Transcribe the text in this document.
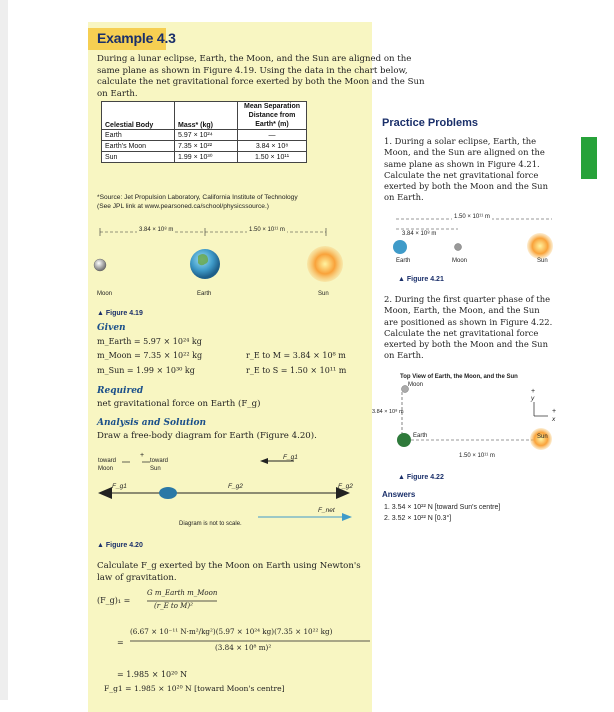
Example 4.3
During a lunar eclipse, Earth, the Moon, and the Sun are aligned on the same plane as shown in Figure 4.19. Using the data in the chart below, calculate the net gravitational force exerted by both the Moon and the Sun on Earth.
Celestial Body	Mass* (kg)	Mean Separation Distance from Earth* (m)
Earth	5.97 × 10²⁴	—
Earth's Moon	7.35 × 10²²	3.84 × 10⁸
Sun	1.99 × 10³⁰	1.50 × 10¹¹
*Source: Jet Propulsion Laboratory, California Institute of Technology
(See JPL link at www.pearsoned.ca/school/physicssource.)
3.84 × 10⁸ m	1.50 × 10¹¹ m
Moon	Earth	Sun
▲ Figure 4.19
Given
m_Earth = 5.97 × 10²⁴ kg
m_Moon = 7.35 × 10²² kg
m_Sun = 1.99 × 10³⁰ kg
r_E to M = 3.84 × 10⁸ m
r_E to S = 1.50 × 10¹¹ m
Required
net gravitational force on Earth (F_g)
Analysis and Solution
Draw a free-body diagram for Earth (Figure 4.20).
+
toward Moon
toward Sun
F_g1
F_g1	F_g2	F_g2
F_net
Diagram is not to scale.
▲ Figure 4.20
Calculate F_g exerted by the Moon on Earth using Newton's law of gravitation.
(F_g)₁ =
G m_Earth m_Moon
(r_E to M)²
(6.67 × 10⁻¹¹ N·m²/kg²)(5.97 × 10²⁴ kg)(7.35 × 10²² kg)
=
(3.84 × 10⁸ m)²
= 1.985 × 10²⁰ N
F_g1 = 1.985 × 10²⁰ N [toward Moon's centre]
Practice Problems
1. During a solar eclipse, Earth, the Moon, and the Sun are aligned on the same plane as shown in Figure 4.21. Calculate the net gravitational force exerted by both the Moon and the Sun on Earth.
1.50 × 10¹¹ m
3.84 × 10⁸ m
Earth	Moon	Sun
▲ Figure 4.21
2. During the first quarter phase of the Moon, Earth, the Moon, and the Sun are positioned as shown in Figure 4.22. Calculate the net gravitational force exerted by both the Moon and the Sun on Earth.
Top View of Earth, the Moon, and the Sun
Moon
3.84 × 10⁸ m
Earth	Sun
1.50 × 10¹¹ m
+
y
+
x
▲ Figure 4.22
Answers
1. 3.54 × 10²² N [toward Sun's centre]
2. 3.52 × 10²² N [0.3°]
